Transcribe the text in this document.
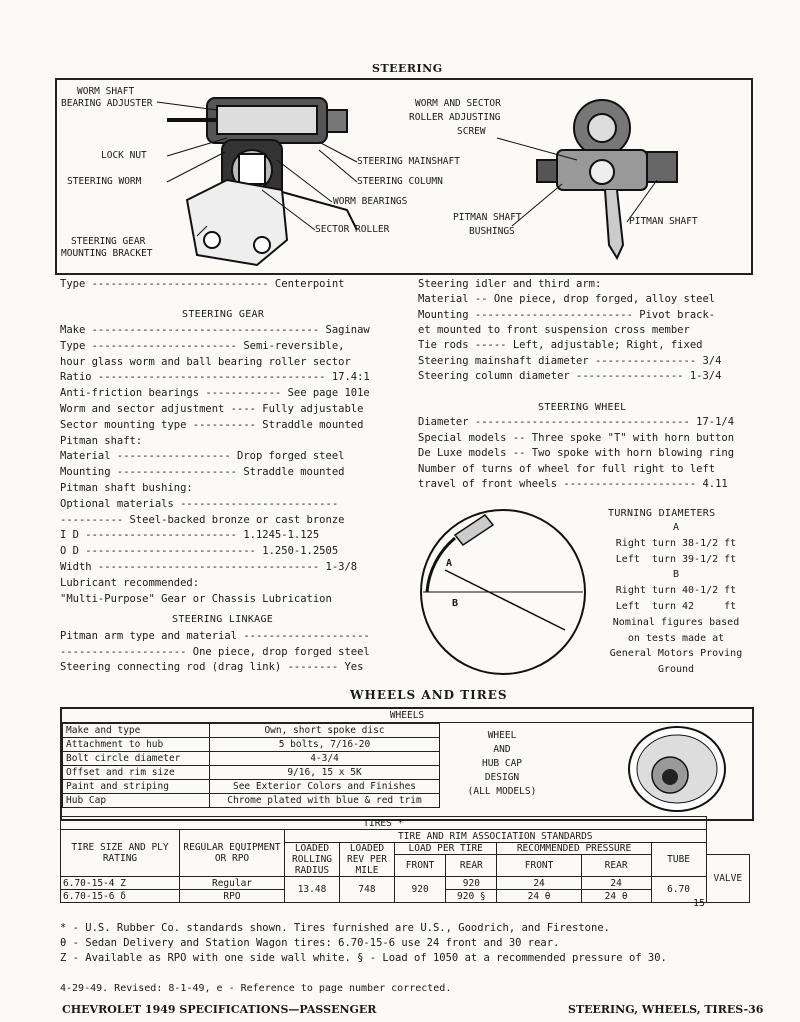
STEERING
WORM SHAFT
BEARING ADJUSTER
LOCK NUT
STEERING WORM
STEERING GEAR
MOUNTING BRACKET
STEERING MAINSHAFT
STEERING COLUMN
WORM BEARINGS
SECTOR ROLLER
WORM AND SECTOR
ROLLER ADJUSTING
SCREW
PITMAN SHAFT
BUSHINGS
PITMAN SHAFT
Type ---------------------------- Centerpoint
STEERING GEAR
Make ------------------------------------ Saginaw
Type ----------------------- Semi-reversible,
hour glass worm and ball bearing roller sector
Ratio ------------------------------------ 17.4:1
Anti-friction bearings ------------ See page 101e
Worm and sector adjustment ---- Fully adjustable
Sector mounting type ---------- Straddle mounted
Pitman shaft:
Material ------------------ Drop forged steel
Mounting ------------------- Straddle mounted
Pitman shaft bushing:
Optional materials -------------------------
---------- Steel-backed bronze or cast bronze
I D ------------------------ 1.1245-1.125
O D --------------------------- 1.250-1.2505
Width ----------------------------------- 1-3/8
Lubricant recommended:
"Multi-Purpose" Gear or Chassis Lubrication
STEERING LINKAGE
Pitman arm type and material --------------------
-------------------- One piece, drop forged steel
Steering connecting rod (drag link) -------- Yes
Steering idler and third arm:
Material -- One piece, drop forged, alloy steel
Mounting ------------------------- Pivot brack-
et mounted to front suspension cross member
Tie rods ----- Left, adjustable; Right, fixed
Steering mainshaft diameter ---------------- 3/4
Steering column diameter ----------------- 1-3/4
STEERING WHEEL
Diameter ---------------------------------- 17-1/4
Special models -- Three spoke "T" with horn button
De Luxe models -- Two spoke with horn blowing ring
Number of turns of wheel for full right to left
travel of front wheels --------------------- 4.11
A
B
TURNING DIAMETERS
A
Right turn 38-1/2 ft
Left  turn 39-1/2 ft
B
Right turn 40-1/2 ft
Left  turn 42     ft
Nominal figures based
on tests made at
General Motors Proving
Ground
WHEELS AND TIRES
WHEELS
Make and type	Own, short spoke disc
Attachment to hub	5 bolts, 7/16-20
Bolt circle diameter	4-3/4
Offset and rim size	9/16, 15 x 5K
Paint and striping	See Exterior Colors and Finishes
Hub Cap	Chrome plated with blue & red trim
WHEEL
AND
HUB CAP
DESIGN
(ALL MODELS)
TIRES *									
TIRE SIZE AND PLY RATING	REGULAR EQUIPMENT OR RPO	TIRE AND RIM ASSOCIATION STANDARDS							
		LOADED ROLLING RADIUS	LOADED REV PER MILE	LOAD PER TIRE		RECOMMENDED PRESSURE		TUBE	

				FRONT	REAR	FRONT	REAR		VALVE
6.70-15-4 Z	Regular	13.48	748	920	920	24	24	6.70	
6.70-15-6 δ	RPO				920 §	24 θ	24 θ		
15
* - U.S. Rubber Co. standards shown. Tires furnished are U.S., Goodrich, and Firestone.
θ - Sedan Delivery and Station Wagon tires: 6.70-15-6 use 24 front and 30 rear.
Z - Available as RPO with one side wall white. § - Load of 1050 at a recommended pressure of 30.
4-29-49. Revised: 8-1-49, e - Reference to page number corrected.
CHEVROLET 1949 SPECIFICATIONS—PASSENGER	STEERING, WHEELS, TIRES-36
